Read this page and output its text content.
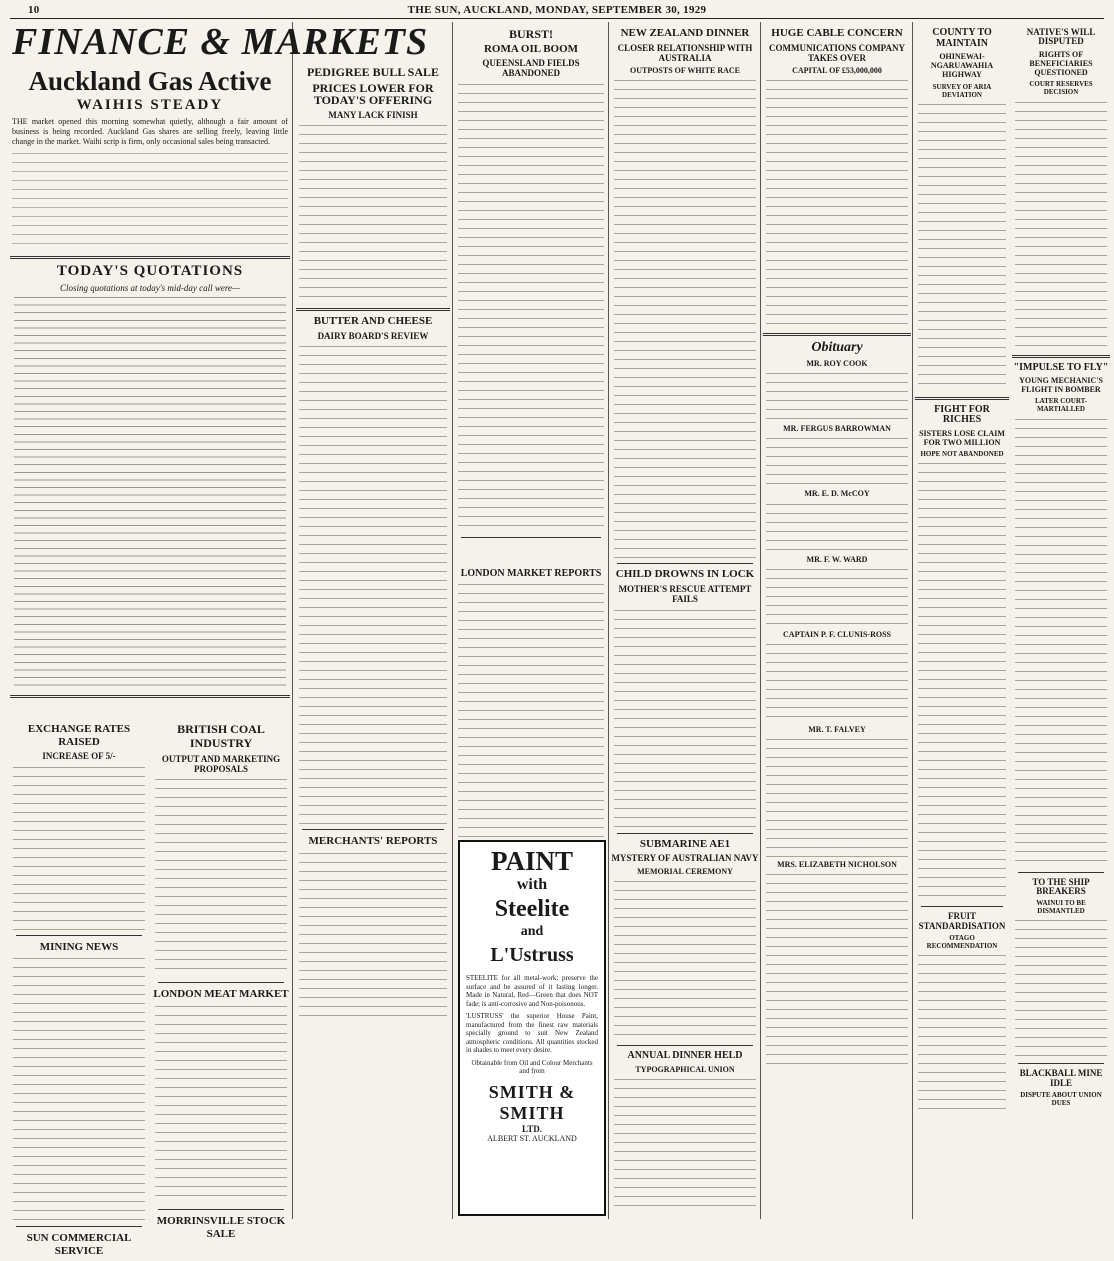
10	THE SUN, AUCKLAND, MONDAY, SEPTEMBER 30, 1929
FINANCE & MARKETS
Auckland Gas Active
WAIHIS STEADY
THE market opened this morning somewhat quietly, although a fair amount of business is being recorded. Auckland Gas shares are selling freely, leaving little change in the market. Waihi scrip is firm, only occasional sales being transacted.
TODAY'S QUOTATIONS
Closing quotations at today's mid-day call were—
EXCHANGE RATES RAISED
INCREASE OF 5/-
MINING NEWS
SUN COMMERCIAL SERVICE
BRITISH COAL INDUSTRY
OUTPUT AND MARKETING PROPOSALS
LONDON MEAT MARKET
MORRINSVILLE STOCK SALE
PEDIGREE BULL SALE
PRICES LOWER FOR TODAY'S OFFERING
MANY LACK FINISH
BUTTER AND CHEESE
DAIRY BOARD'S REVIEW
MERCHANTS' REPORTS
BURST!
ROMA OIL BOOM
QUEENSLAND FIELDS ABANDONED
LONDON MARKET REPORTS
NEW ZEALAND DINNER
CLOSER RELATIONSHIP WITH AUSTRALIA
OUTPOSTS OF WHITE RACE
CHILD DROWNS IN LOCK
MOTHER'S RESCUE ATTEMPT FAILS
SUBMARINE AE1
MYSTERY OF AUSTRALIAN NAVY
MEMORIAL CEREMONY
PAINT
with
Steelite
and
L'Ustruss
STEELITE for all metal-work; preserve the surface and be assured of it lasting longer. Made in Natural, Red—Green that does NOT fade; is anti-corrosive and Non-poisonous.
'LUSTRUSS' the superior House Paint, manufactured from the finest raw materials specially ground to suit New Zealand atmospheric conditions. All quantities stocked in shades to meet every desire.
Obtainable from Oil and Colour Merchants and from
SMITH & SMITH
LTD.
ALBERT ST. AUCKLAND
ANNUAL DINNER HELD
TYPOGRAPHICAL UNION
HUGE CABLE CONCERN
COMMUNICATIONS COMPANY TAKES OVER
CAPITAL OF £53,000,000
Obituary
MR. ROY COOK
MR. FERGUS BARROWMAN
MR. E. D. McCOY
MR. F. W. WARD
CAPTAIN P. F. CLUNIS-ROSS
MR. T. FALVEY
MRS. ELIZABETH NICHOLSON
COUNTY TO MAINTAIN
OHINEWAI-NGARUAWAHIA HIGHWAY
SURVEY OF ARIA DEVIATION
FIGHT FOR RICHES
SISTERS LOSE CLAIM FOR TWO MILLION
HOPE NOT ABANDONED
FRUIT STANDARDISATION
OTAGO RECOMMENDATION
NATIVE'S WILL DISPUTED
RIGHTS OF BENEFICIARIES QUESTIONED
COURT RESERVES DECISION
"IMPULSE TO FLY"
YOUNG MECHANIC'S FLIGHT IN BOMBER
LATER COURT-MARTIALLED
TO THE SHIP BREAKERS
WAINUI TO BE DISMANTLED
BLACKBALL MINE IDLE
DISPUTE ABOUT UNION DUES
